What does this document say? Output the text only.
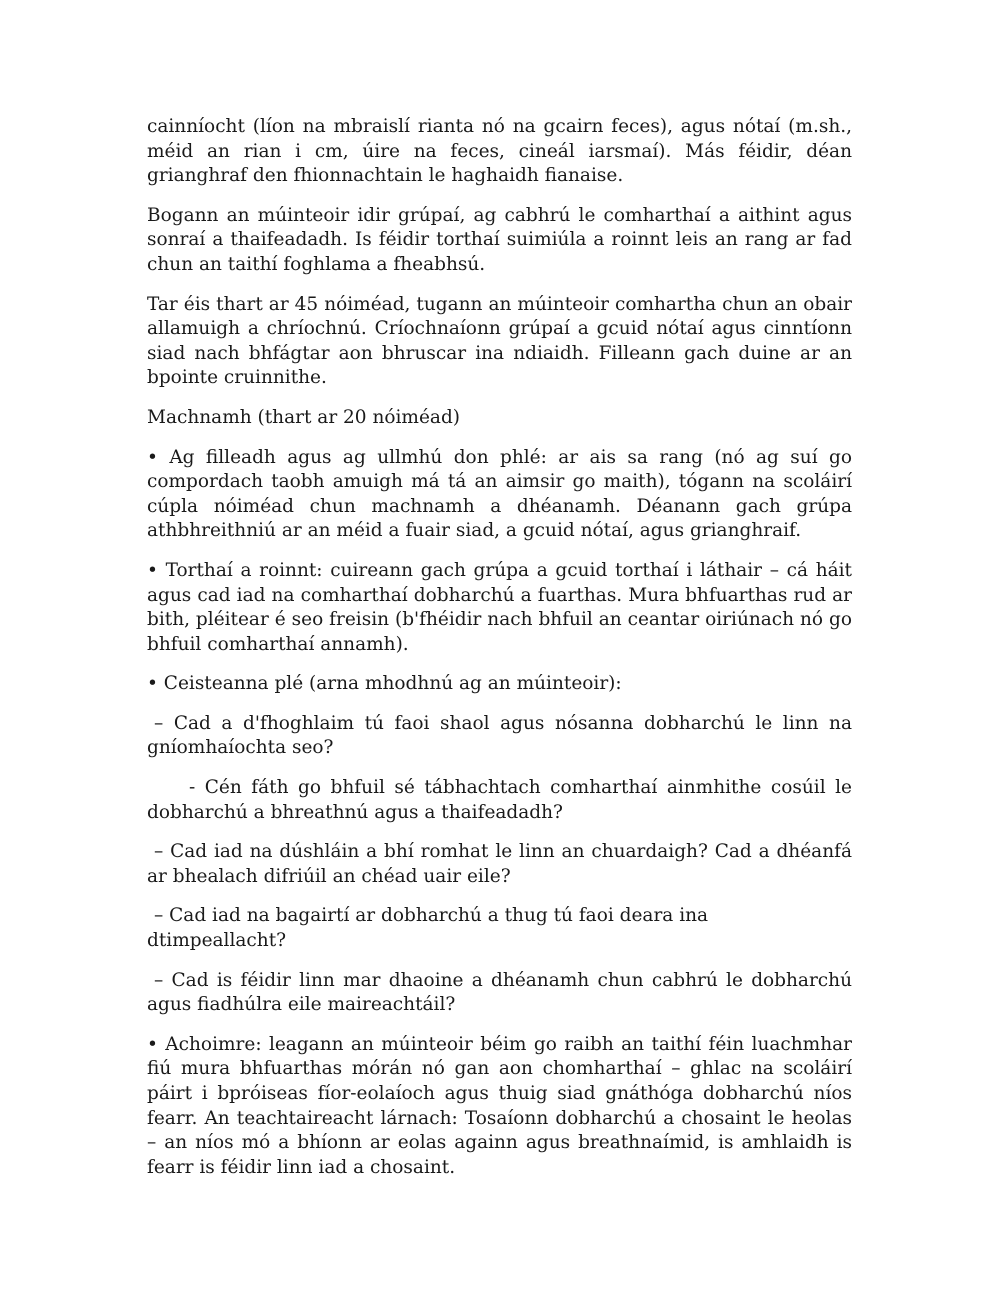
cainníocht (líon na mbraislí rianta nó na gcairn feces), agus nótaí (m.sh., méid an rian i cm, úire na feces, cineál iarsmaí). Más féidir, déan grianghraf den fhionnachtain le haghaidh fianaise.

Bogann an múinteoir idir grúpaí, ag cabhrú le comharthaí a aithint agus sonraí a thaifeadadh. Is féidir torthaí suimiúla a roinnt leis an rang ar fad chun an taithí foghlama a fheabhsú.

Tar éis thart ar 45 nóiméad, tugann an múinteoir comhartha chun an obair allamuigh a chríochnú. Críochnaíonn grúpaí a gcuid nótaí agus cinntíonn siad nach bhfágtar aon bhruscar ina ndiaidh. Filleann gach duine ar an bpointe cruinnithe.

Machnamh (thart ar 20 nóiméad)

• Ag filleadh agus ag ullmhú don phlé: ar ais sa rang (nó ag suí go compordach taobh amuigh má tá an aimsir go maith), tógann na scoláirí cúpla nóiméad chun machnamh a dhéanamh. Déanann gach grúpa athbhreithniú ar an méid a fuair siad, a gcuid nótaí, agus grianghraif.

• Torthaí a roinnt: cuireann gach grúpa a gcuid torthaí i láthair – cá háit agus cad iad na comharthaí dobharchú a fuarthas. Mura bhfuarthas rud ar bith, pléitear é seo freisin (b'fhéidir nach bhfuil an ceantar oiriúnach nó go bhfuil comharthaí annamh).

• Ceisteanna plé (arna mhodhnú ag an múinteoir):

– Cad a d'fhoghlaim tú faoi shaol agus nósanna dobharchú le linn na gníomhaíochta seo?

- Cén fáth go bhfuil sé tábhachtach comharthaí ainmhithe cosúil le dobharchú a bhreathnú agus a thaifeadadh?

– Cad iad na dúshláin a bhí romhat le linn an chuardaigh? Cad a dhéanfá ar bhealach difriúil an chéad uair eile?

– Cad iad na bagairtí ar dobharchú a thug tú faoi deara ina dtimpeallacht?

– Cad is féidir linn mar dhaoine a dhéanamh chun cabhrú le dobharchú agus fiadhúlra eile maireachtáil?

• Achoimre: leagann an múinteoir béim go raibh an taithí féin luachmhar fiú mura bhfuarthas mórán nó gan aon chomharthaí – ghlac na scoláirí páirt i bpróiseas fíor-eolaíoch agus thuig siad gnáthóga dobharchú níos fearr. An teachtaireacht lárnach: Tosaíonn dobharchú a chosaint le heolas – an níos mó a bhíonn ar eolas againn agus breathnaímid, is amhlaidh is fearr is féidir linn iad a chosaint.
